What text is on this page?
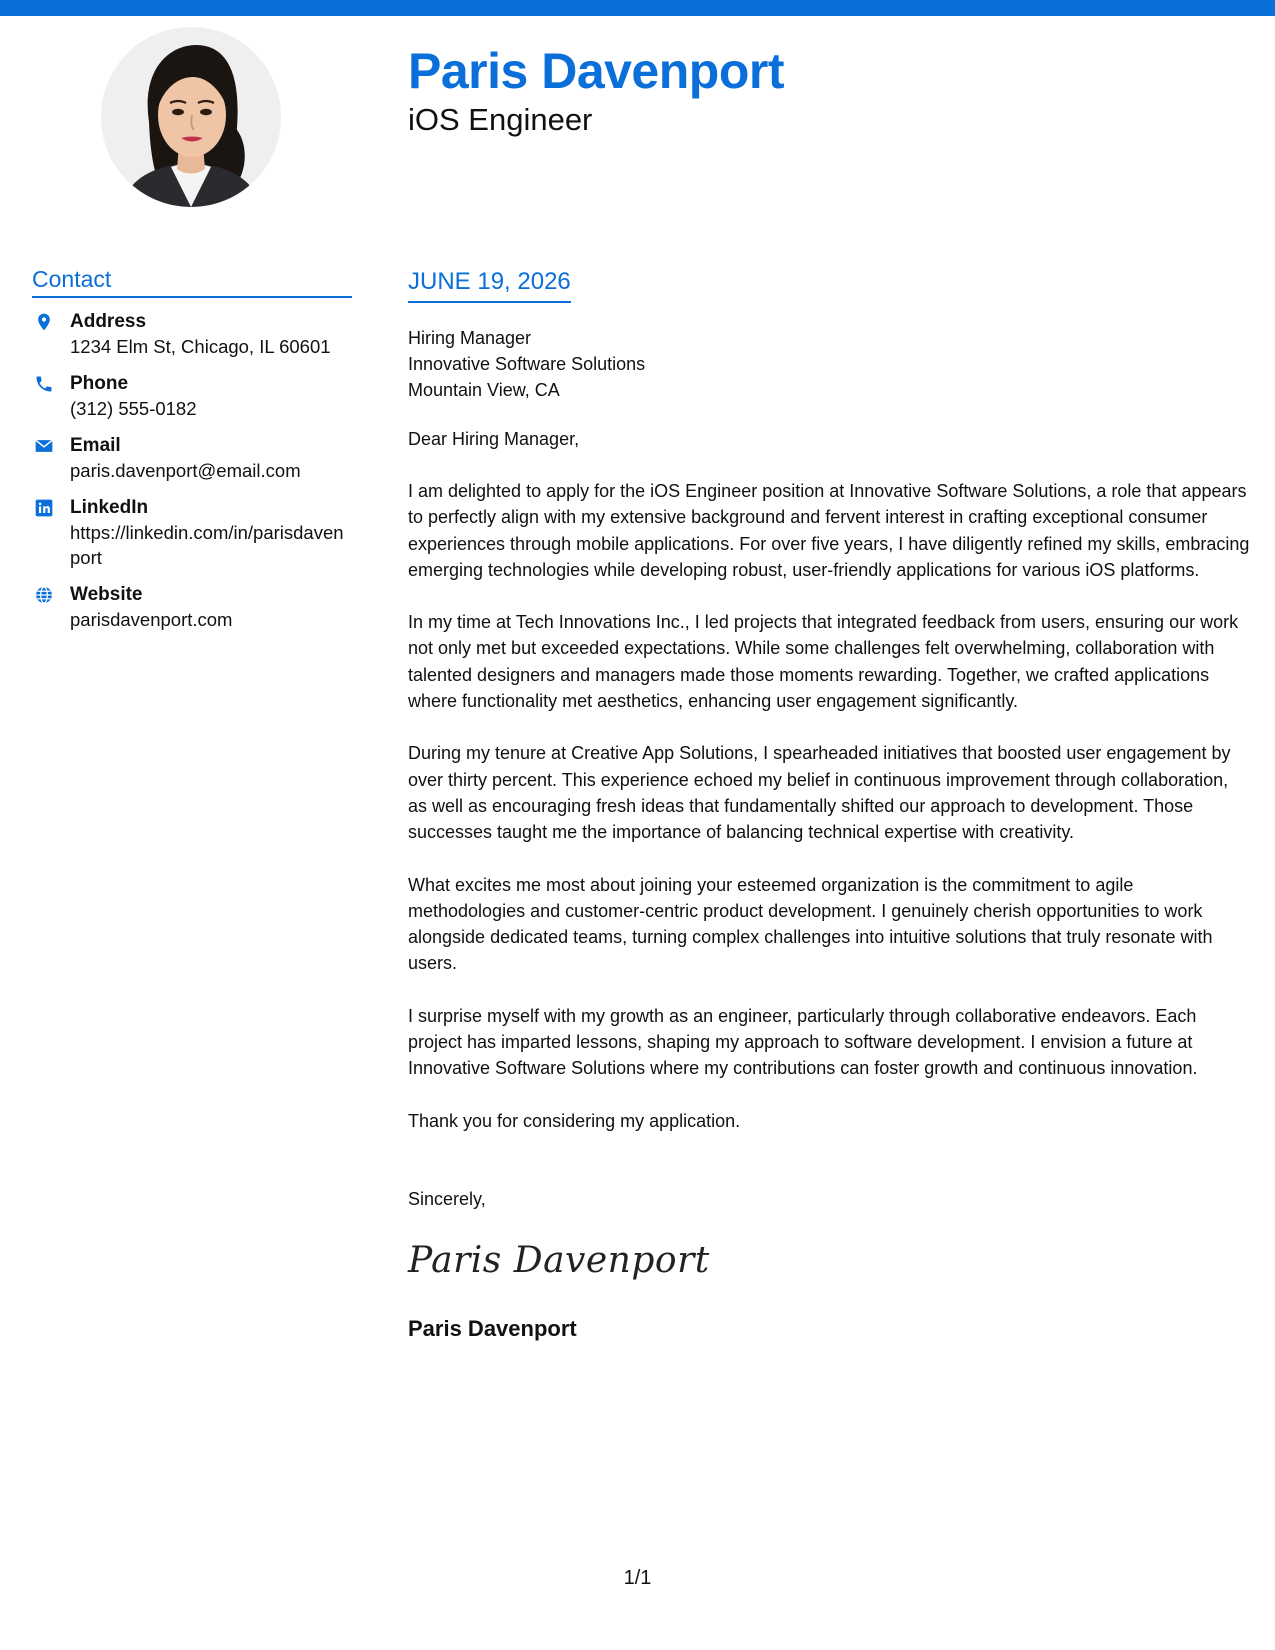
Paris Davenport
iOS Engineer
Contact
Address
1234 Elm St, Chicago, IL 60601
Phone
(312) 555-0182
Email
paris.davenport@email.com
LinkedIn
https://linkedin.com/in/parisdavenport
Website
parisdavenport.com
JUNE 19, 2026
Hiring Manager
Innovative Software Solutions
Mountain View, CA
Dear Hiring Manager,
I am delighted to apply for the iOS Engineer position at Innovative Software Solutions, a role that appears to perfectly align with my extensive background and fervent interest in crafting exceptional consumer experiences through mobile applications. For over five years, I have diligently refined my skills, embracing emerging technologies while developing robust, user-friendly applications for various iOS platforms.
In my time at Tech Innovations Inc., I led projects that integrated feedback from users, ensuring our work not only met but exceeded expectations. While some challenges felt overwhelming, collaboration with talented designers and managers made those moments rewarding. Together, we crafted applications where functionality met aesthetics, enhancing user engagement significantly.
During my tenure at Creative App Solutions, I spearheaded initiatives that boosted user engagement by over thirty percent. This experience echoed my belief in continuous improvement through collaboration, as well as encouraging fresh ideas that fundamentally shifted our approach to development. Those successes taught me the importance of balancing technical expertise with creativity.
What excites me most about joining your esteemed organization is the commitment to agile methodologies and customer-centric product development. I genuinely cherish opportunities to work alongside dedicated teams, turning complex challenges into intuitive solutions that truly resonate with users.
I surprise myself with my growth as an engineer, particularly through collaborative endeavors. Each project has imparted lessons, shaping my approach to software development. I envision a future at Innovative Software Solutions where my contributions can foster growth and continuous innovation.
Thank you for considering my application.
Sincerely,
Paris Davenport
Paris Davenport
1/1
